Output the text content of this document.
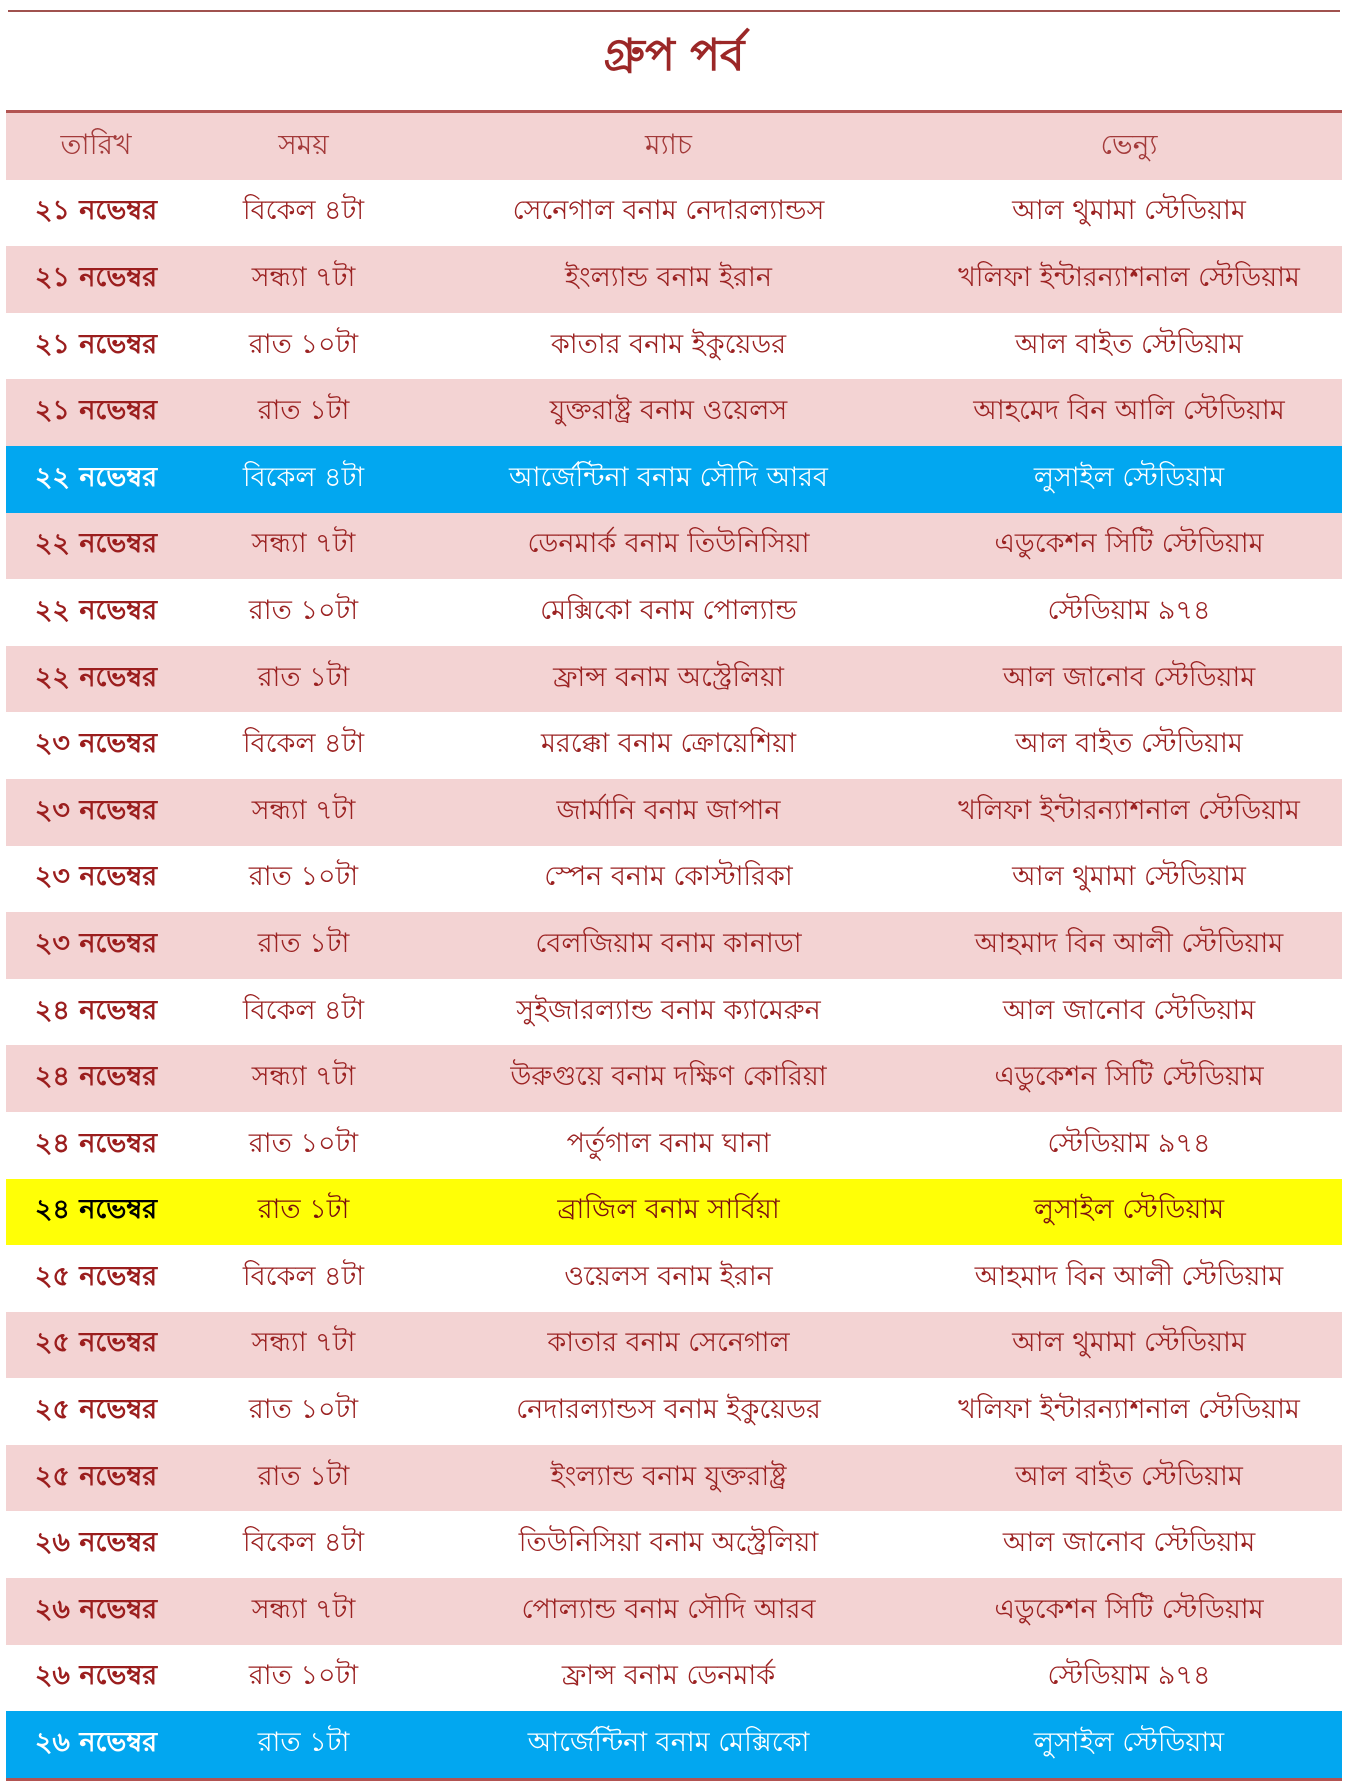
গ্রুপ পর্ব
তারিখ	সময়	ম্যাচ	ভেন্যু
২১ নভেম্বর	বিকেল ৪টা	সেনেগাল বনাম নেদারল্যান্ডস	আল থুমামা স্টেডিয়াম
২১ নভেম্বর	সন্ধ্যা ৭টা	ইংল্যান্ড বনাম ইরান	খলিফা ইন্টারন্যাশনাল স্টেডিয়াম
২১ নভেম্বর	রাত ১০টা	কাতার বনাম ইকুয়েডর	আল বাইত স্টেডিয়াম
২১ নভেম্বর	রাত ১টা	যুক্তরাষ্ট্র বনাম ওয়েলস	আহমেদ বিন আলি স্টেডিয়াম
২২ নভেম্বর	বিকেল ৪টা	আর্জেন্টিনা বনাম সৌদি আরব	লুসাইল স্টেডিয়াম
২২ নভেম্বর	সন্ধ্যা ৭টা	ডেনমার্ক বনাম তিউনিসিয়া	এডুকেশন সিটি স্টেডিয়াম
২২ নভেম্বর	রাত ১০টা	মেক্সিকো বনাম পোল্যান্ড	স্টেডিয়াম ৯৭৪
২২ নভেম্বর	রাত ১টা	ফ্রান্স বনাম অস্ট্রেলিয়া	আল জানোব স্টেডিয়াম
২৩ নভেম্বর	বিকেল ৪টা	মরক্কো বনাম ক্রোয়েশিয়া	আল বাইত স্টেডিয়াম
২৩ নভেম্বর	সন্ধ্যা ৭টা	জার্মানি বনাম জাপান	খলিফা ইন্টারন্যাশনাল স্টেডিয়াম
২৩ নভেম্বর	রাত ১০টা	স্পেন বনাম কোস্টারিকা	আল থুমামা স্টেডিয়াম
২৩ নভেম্বর	রাত ১টা	বেলজিয়াম বনাম কানাডা	আহমাদ বিন আলী স্টেডিয়াম
২৪ নভেম্বর	বিকেল ৪টা	সুইজারল্যান্ড বনাম ক্যামেরুন	আল জানোব স্টেডিয়াম
২৪ নভেম্বর	সন্ধ্যা ৭টা	উরুগুয়ে বনাম দক্ষিণ কোরিয়া	এডুকেশন সিটি স্টেডিয়াম
২৪ নভেম্বর	রাত ১০টা	পর্তুগাল বনাম ঘানা	স্টেডিয়াম ৯৭৪
২৪ নভেম্বর	রাত ১টা	ব্রাজিল বনাম সার্বিয়া	লুসাইল স্টেডিয়াম
২৫ নভেম্বর	বিকেল ৪টা	ওয়েলস বনাম ইরান	আহমাদ বিন আলী স্টেডিয়াম
২৫ নভেম্বর	সন্ধ্যা ৭টা	কাতার বনাম সেনেগাল	আল থুমামা স্টেডিয়াম
২৫ নভেম্বর	রাত ১০টা	নেদারল্যান্ডস বনাম ইকুয়েডর	খলিফা ইন্টারন্যাশনাল স্টেডিয়াম
২৫ নভেম্বর	রাত ১টা	ইংল্যান্ড বনাম যুক্তরাষ্ট্র	আল বাইত স্টেডিয়াম
২৬ নভেম্বর	বিকেল ৪টা	তিউনিসিয়া বনাম অস্ট্রেলিয়া	আল জানোব স্টেডিয়াম
২৬ নভেম্বর	সন্ধ্যা ৭টা	পোল্যান্ড বনাম সৌদি আরব	এডুকেশন সিটি স্টেডিয়াম
২৬ নভেম্বর	রাত ১০টা	ফ্রান্স বনাম ডেনমার্ক	স্টেডিয়াম ৯৭৪
২৬ নভেম্বর	রাত ১টা	আর্জেন্টিনা বনাম মেক্সিকো	লুসাইল স্টেডিয়াম
